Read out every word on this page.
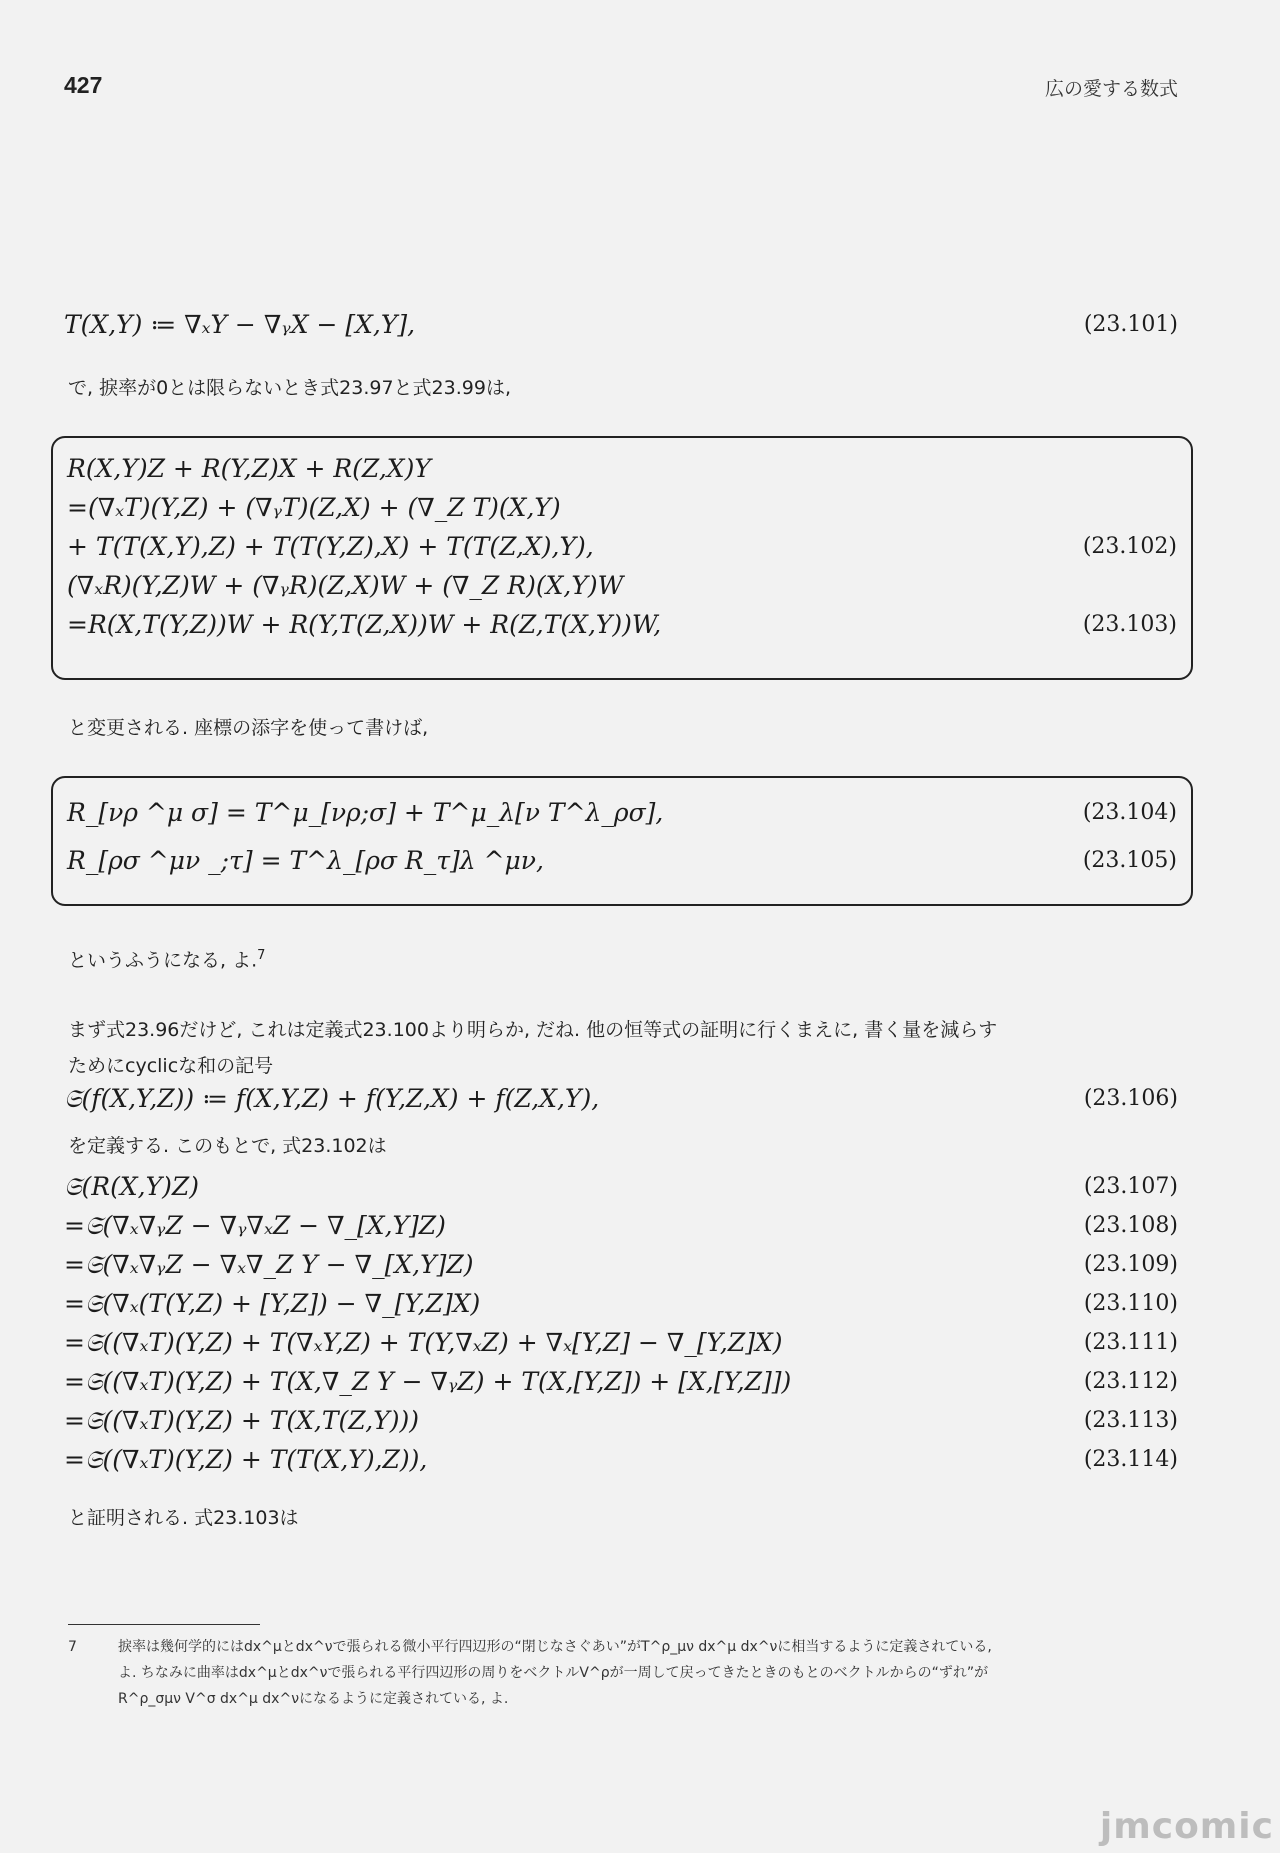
427	広の愛する数式
T(X,Y) ≔ ∇ₓY − ∇ᵧX − [X,Y],	(23.101)
で, 捩率が0とは限らないとき式23.97と式23.99は,
R(X,Y)Z + R(Y,Z)X + R(Z,X)Y
=(∇ₓT)(Y,Z) + (∇ᵧT)(Z,X) + (∇_Z T)(X,Y)
+ T(T(X,Y),Z) + T(T(Y,Z),X) + T(T(Z,X),Y),	(23.102)
(∇ₓR)(Y,Z)W + (∇ᵧR)(Z,X)W + (∇_Z R)(X,Y)W
=R(X,T(Y,Z))W + R(Y,T(Z,X))W + R(Z,T(X,Y))W,	(23.103)
と変更される. 座標の添字を使って書けば,
R_[νρ ^μ σ] = T^μ_[νρ;σ] + T^μ_λ[ν T^λ_ρσ],	(23.104)
R_[ρσ ^μν _;τ] = T^λ_[ρσ R_τ]λ ^μν,	(23.105)
というふうになる, よ.$^7$
まず式23.96だけど, これは定義式23.100より明らか, だね. 他の恒等式の証明に行くまえに, 書く量を減らすためにcyclicな和の記号
𝔖(f(X,Y,Z)) ≔ f(X,Y,Z) + f(Y,Z,X) + f(Z,X,Y),	(23.106)
を定義する. このもとで, 式23.102は
𝔖(R(X,Y)Z)	(23.107)
=𝔖(∇ₓ∇ᵧZ − ∇ᵧ∇ₓZ − ∇_[X,Y]Z)	(23.108)
=𝔖(∇ₓ∇ᵧZ − ∇ₓ∇_Z Y − ∇_[X,Y]Z)	(23.109)
=𝔖(∇ₓ(T(Y,Z) + [Y,Z]) − ∇_[Y,Z]X)	(23.110)
=𝔖((∇ₓT)(Y,Z) + T(∇ₓY,Z) + T(Y,∇ₓZ) + ∇ₓ[Y,Z] − ∇_[Y,Z]X)	(23.111)
=𝔖((∇ₓT)(Y,Z) + T(X,∇_Z Y − ∇ᵧZ) + T(X,[Y,Z]) + [X,[Y,Z]])	(23.112)
=𝔖((∇ₓT)(Y,Z) + T(X,T(Z,Y)))	(23.113)
=𝔖((∇ₓT)(Y,Z) + T(T(X,Y),Z)),	(23.114)
と証明される. 式23.103は
7	捩率は幾何学的にはdx^μとdx^νで張られる微小平行四辺形の“閉じなさぐあい”がT^ρ_μν dx^μ dx^νに相当するように定義されている, よ. ちなみに曲率はdx^μとdx^νで張られる平行四辺形の周りをベクトルV^ρが一周して戻ってきたときのもとのベクトルからの“ずれ”がR^ρ_σμν V^σ dx^μ dx^νになるように定義されている, よ.
jmcomic
